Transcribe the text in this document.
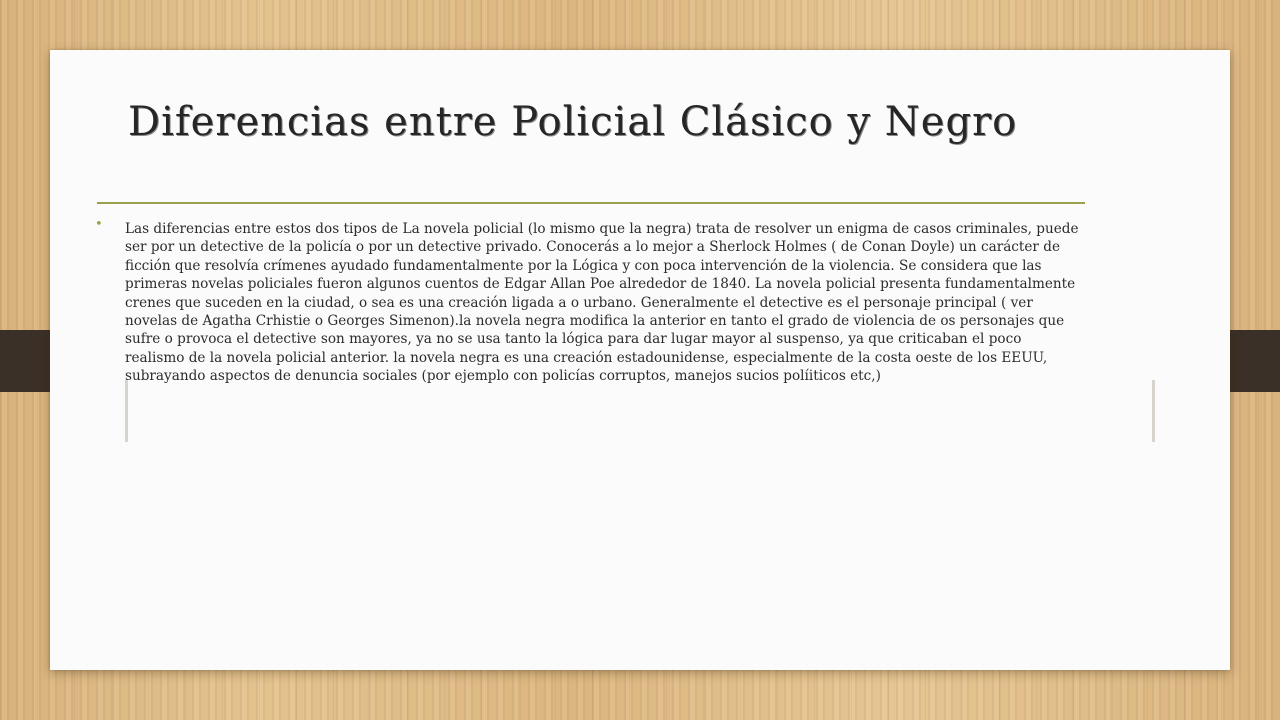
Diferencias entre Policial Clásico y Negro
•	Las diferencias entre estos dos tipos de La novela policial (lo mismo que la negra) trata de resolver un enigma de casos criminales, puede ser por un detective de la policía o por un detective privado. Conocerás a lo mejor a Sherlock Holmes ( de Conan Doyle) un carácter de ficción que resolvía crímenes ayudado fundamentalmente por la Lógica y con poca intervención de la violencia. Se considera que las primeras novelas policiales fueron algunos cuentos de Edgar Allan Poe alrededor de 1840. La novela policial presenta fundamentalmente crenes que suceden en la ciudad, o sea es una creación ligada a o urbano. Generalmente el detective es el personaje principal ( ver novelas de Agatha Crhistie o Georges Simenon).la novela negra modifica la anterior en tanto el grado de violencia de os personajes que sufre o provoca el detective son mayores, ya no se usa tanto la lógica para dar lugar mayor al suspenso, ya que criticaban el poco realismo de la novela policial anterior. la novela negra es una creación estadounidense, especialmente de la costa oeste de los EEUU, subrayando aspectos de denuncia sociales (por ejemplo con policías corruptos, manejos sucios políiticos etc,)
